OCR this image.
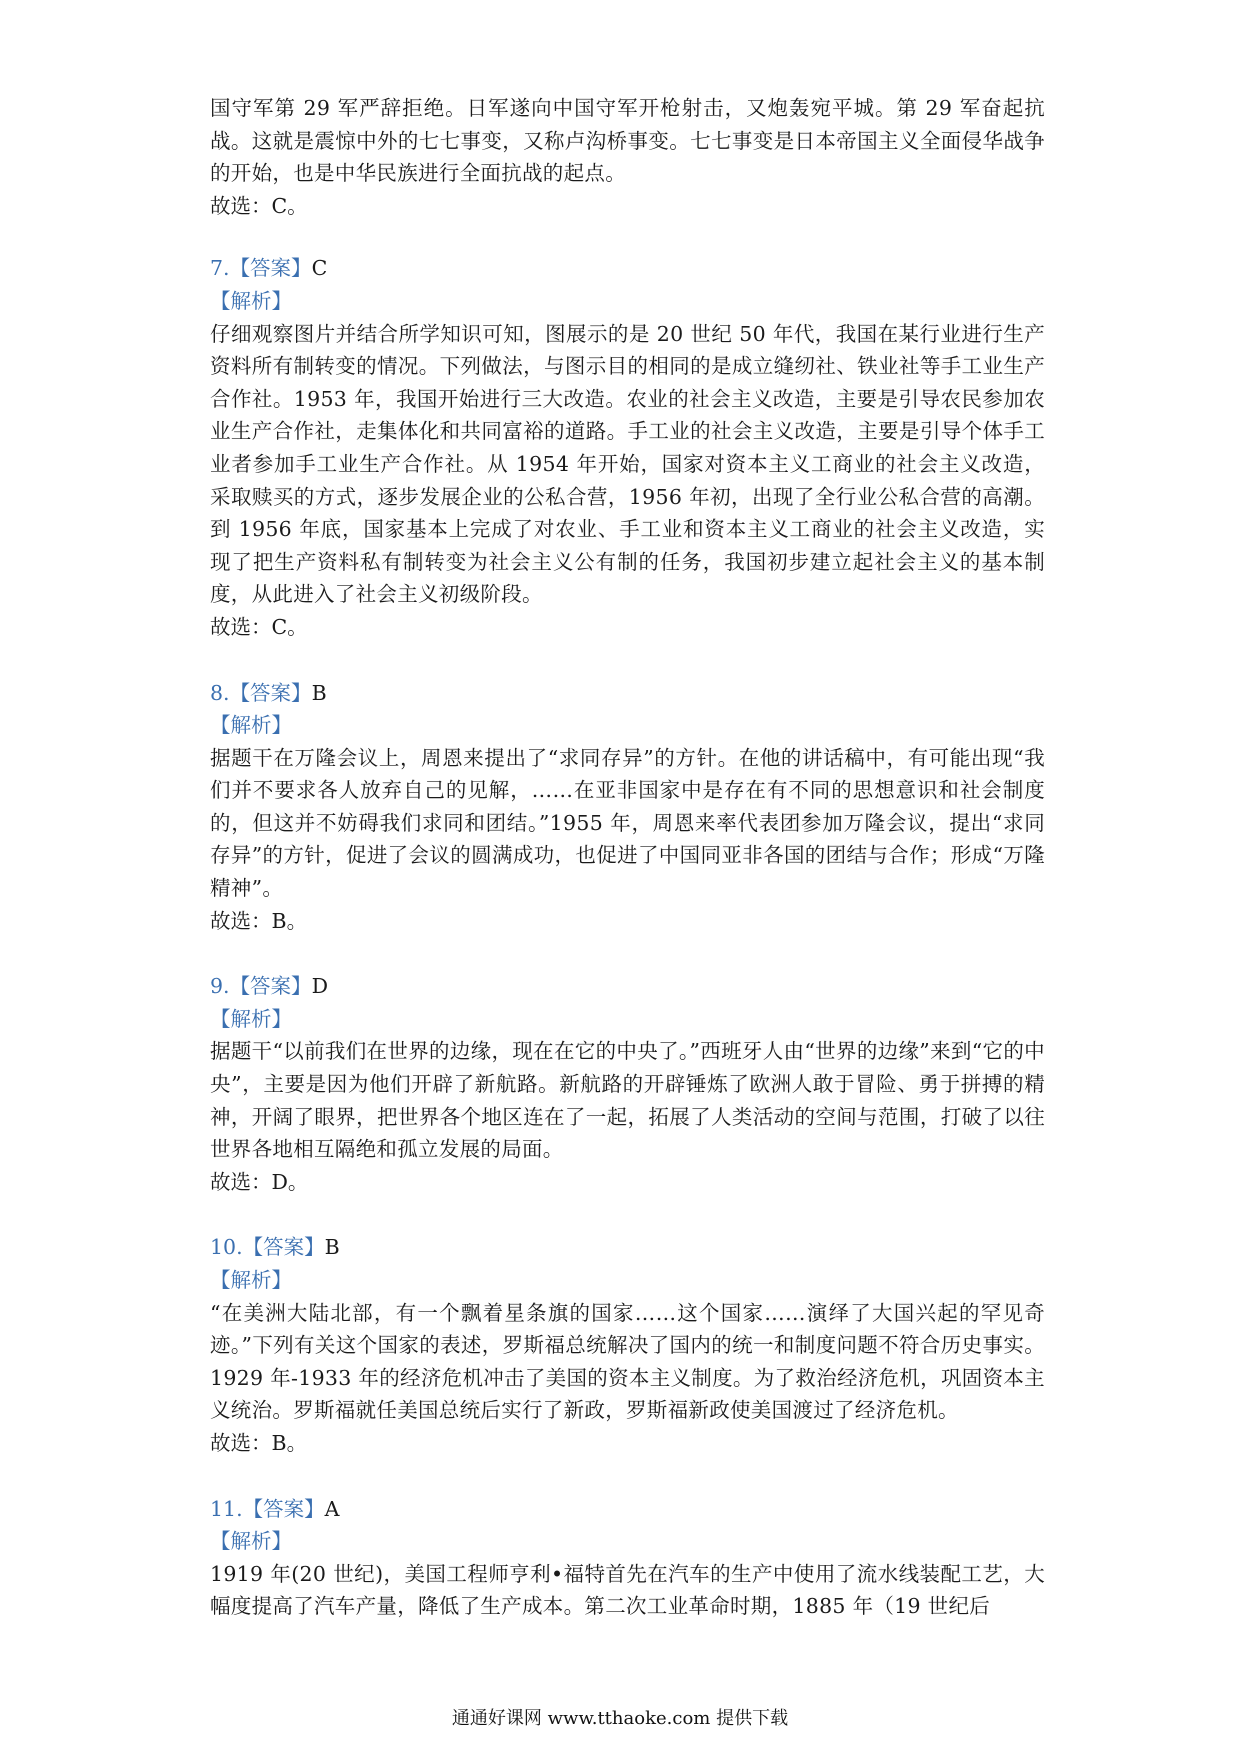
国守军第 29 军严辞拒绝。日军遂向中国守军开枪射击，又炮轰宛平城。第 29 军奋起抗战。这就是震惊中外的七七事变，又称卢沟桥事变。七七事变是日本帝国主义全面侵华战争的开始，也是中华民族进行全面抗战的起点。

故选：C。

7.【答案】C

【解析】

仔细观察图片并结合所学知识可知，图展示的是 20 世纪 50 年代，我国在某行业进行生产资料所有制转变的情况。下列做法，与图示目的相同的是成立缝纫社、铁业社等手工业生产合作社。1953 年，我国开始进行三大改造。农业的社会主义改造，主要是引导农民参加农业生产合作社，走集体化和共同富裕的道路。手工业的社会主义改造，主要是引导个体手工业者参加手工业生产合作社。从 1954 年开始，国家对资本主义工商业的社会主义改造，采取赎买的方式，逐步发展企业的公私合营，1956 年初，出现了全行业公私合营的高潮。到 1956 年底，国家基本上完成了对农业、手工业和资本主义工商业的社会主义改造，实现了把生产资料私有制转变为社会主义公有制的任务，我国初步建立起社会主义的基本制度，从此进入了社会主义初级阶段。

故选：C。

8.【答案】B

【解析】

据题干在万隆会议上，周恩来提出了“求同存异”的方针。在他的讲话稿中，有可能出现“我们并不要求各人放弃自己的见解，……在亚非国家中是存在有不同的思想意识和社会制度的，但这并不妨碍我们求同和团结。”1955 年，周恩来率代表团参加万隆会议，提出“求同存异”的方针，促进了会议的圆满成功，也促进了中国同亚非各国的团结与合作；形成“万隆精神”。

故选：B。

9.【答案】D

【解析】

据题干“以前我们在世界的边缘，现在在它的中央了。”西班牙人由“世界的边缘”来到“它的中央”，主要是因为他们开辟了新航路。新航路的开辟锤炼了欧洲人敢于冒险、勇于拼搏的精神，开阔了眼界，把世界各个地区连在了一起，拓展了人类活动的空间与范围，打破了以往世界各地相互隔绝和孤立发展的局面。

故选：D。

10.【答案】B

【解析】

“在美洲大陆北部，有一个飘着星条旗的国家……这个国家……演绎了大国兴起的罕见奇迹。”下列有关这个国家的表述，罗斯福总统解决了国内的统一和制度问题不符合历史事实。1929 年-1933 年的经济危机冲击了美国的资本主义制度。为了救治经济危机，巩固资本主义统治。罗斯福就任美国总统后实行了新政，罗斯福新政使美国渡过了经济危机。

故选：B。

11.【答案】A

【解析】

1919 年(20 世纪)，美国工程师亨利•福特首先在汽车的生产中使用了流水线装配工艺，大幅度提高了汽车产量，降低了生产成本。第二次工业革命时期，1885 年（19 世纪后

通通好课网 www.tthaoke.com 提供下载
